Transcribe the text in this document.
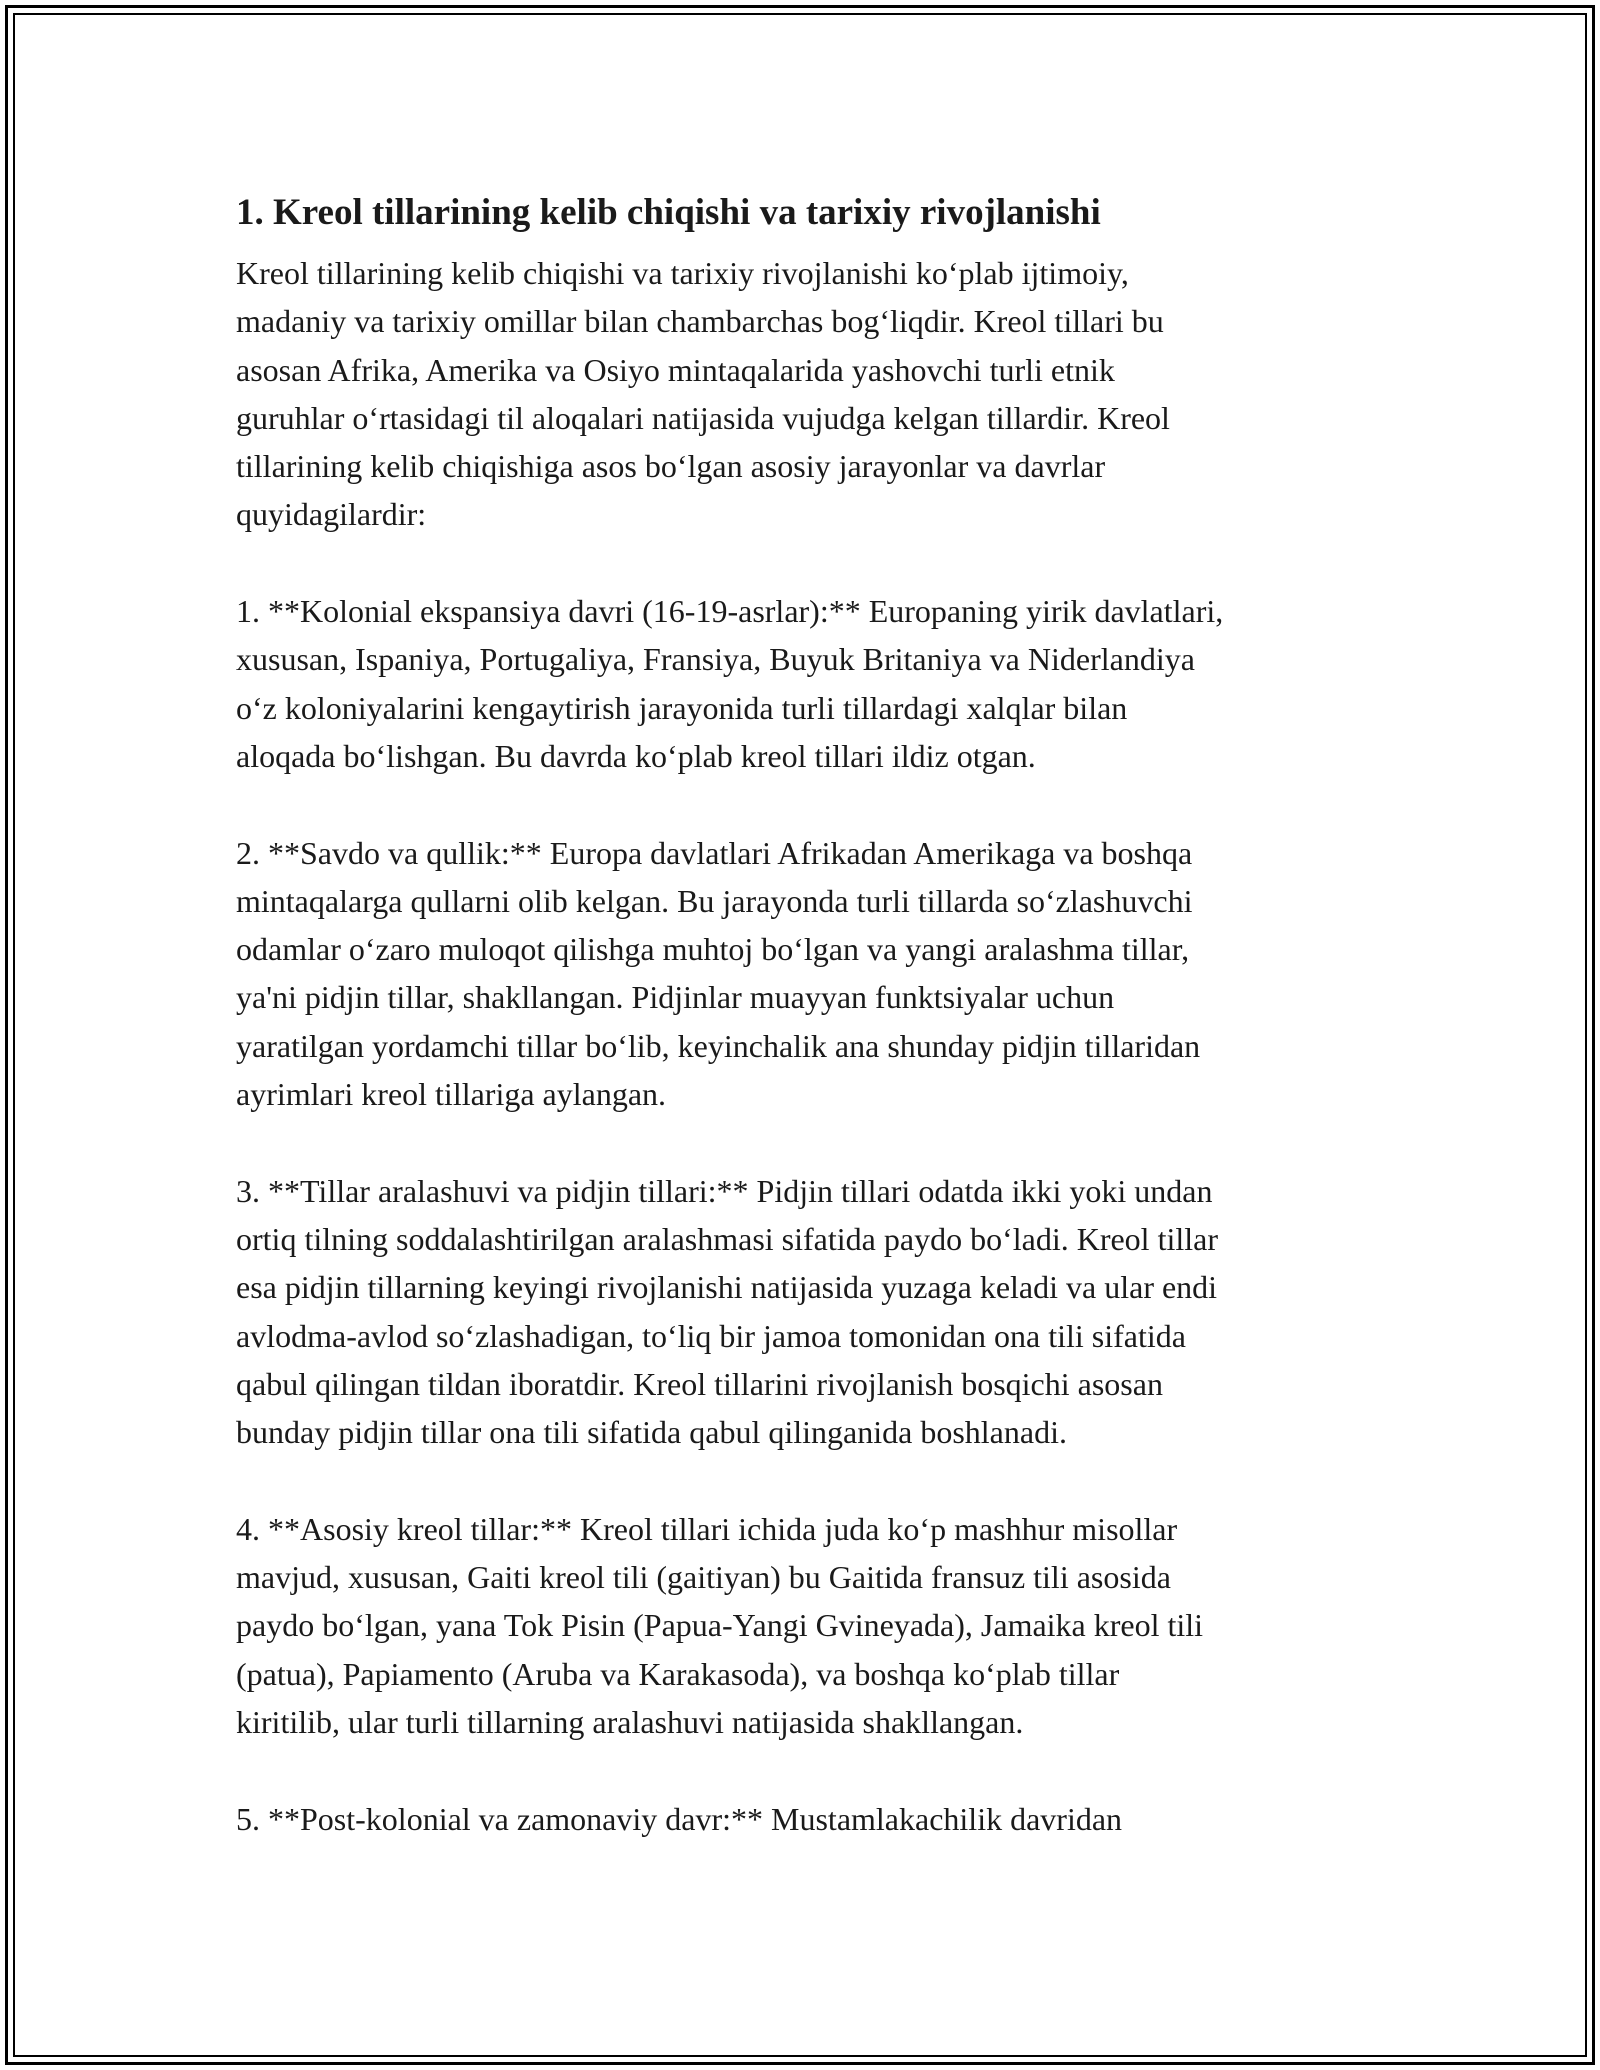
1. Kreol tillarining kelib chiqishi va tarixiy rivojlanishi

Kreol tillarining kelib chiqishi va tarixiy rivojlanishi ko‘plab ijtimoiy,
madaniy va tarixiy omillar bilan chambarchas bog‘liqdir. Kreol tillari bu
asosan Afrika, Amerika va Osiyo mintaqalarida yashovchi turli etnik
guruhlar o‘rtasidagi til aloqalari natijasida vujudga kelgan tillardir. Kreol
tillarining kelib chiqishiga asos bo‘lgan asosiy jarayonlar va davrlar
quyidagilardir:

1. **Kolonial ekspansiya davri (16-19-asrlar):** Europaning yirik davlatlari,
xususan, Ispaniya, Portugaliya, Fransiya, Buyuk Britaniya va Niderlandiya
o‘z koloniyalarini kengaytirish jarayonida turli tillardagi xalqlar bilan
aloqada bo‘lishgan. Bu davrda ko‘plab kreol tillari ildiz otgan.

2. **Savdo va qullik:** Europa davlatlari Afrikadan Amerikaga va boshqa
mintaqalarga qullarni olib kelgan. Bu jarayonda turli tillarda so‘zlashuvchi
odamlar o‘zaro muloqot qilishga muhtoj bo‘lgan va yangi aralashma tillar,
ya'ni pidjin tillar, shakllangan. Pidjinlar muayyan funktsiyalar uchun
yaratilgan yordamchi tillar bo‘lib, keyinchalik ana shunday pidjin tillaridan
ayrimlari kreol tillariga aylangan.

3. **Tillar aralashuvi va pidjin tillari:** Pidjin tillari odatda ikki yoki undan
ortiq tilning soddalashtirilgan aralashmasi sifatida paydo bo‘ladi. Kreol tillar
esa pidjin tillarning keyingi rivojlanishi natijasida yuzaga keladi va ular endi
avlodma-avlod so‘zlashadigan, to‘liq bir jamoa tomonidan ona tili sifatida
qabul qilingan tildan iboratdir. Kreol tillarini rivojlanish bosqichi asosan
bunday pidjin tillar ona tili sifatida qabul qilinganida boshlanadi.

4. **Asosiy kreol tillar:** Kreol tillari ichida juda ko‘p mashhur misollar
mavjud, xususan, Gaiti kreol tili (gaitiyan) bu Gaitida fransuz tili asosida
paydo bo‘lgan, yana Tok Pisin (Papua-Yangi Gvineyada), Jamaika kreol tili
(patua), Papiamento (Aruba va Karakasoda), va boshqa ko‘plab tillar
kiritilib, ular turli tillarning aralashuvi natijasida shakllangan.

5. **Post-kolonial va zamonaviy davr:** Mustamlakachilik davridan
